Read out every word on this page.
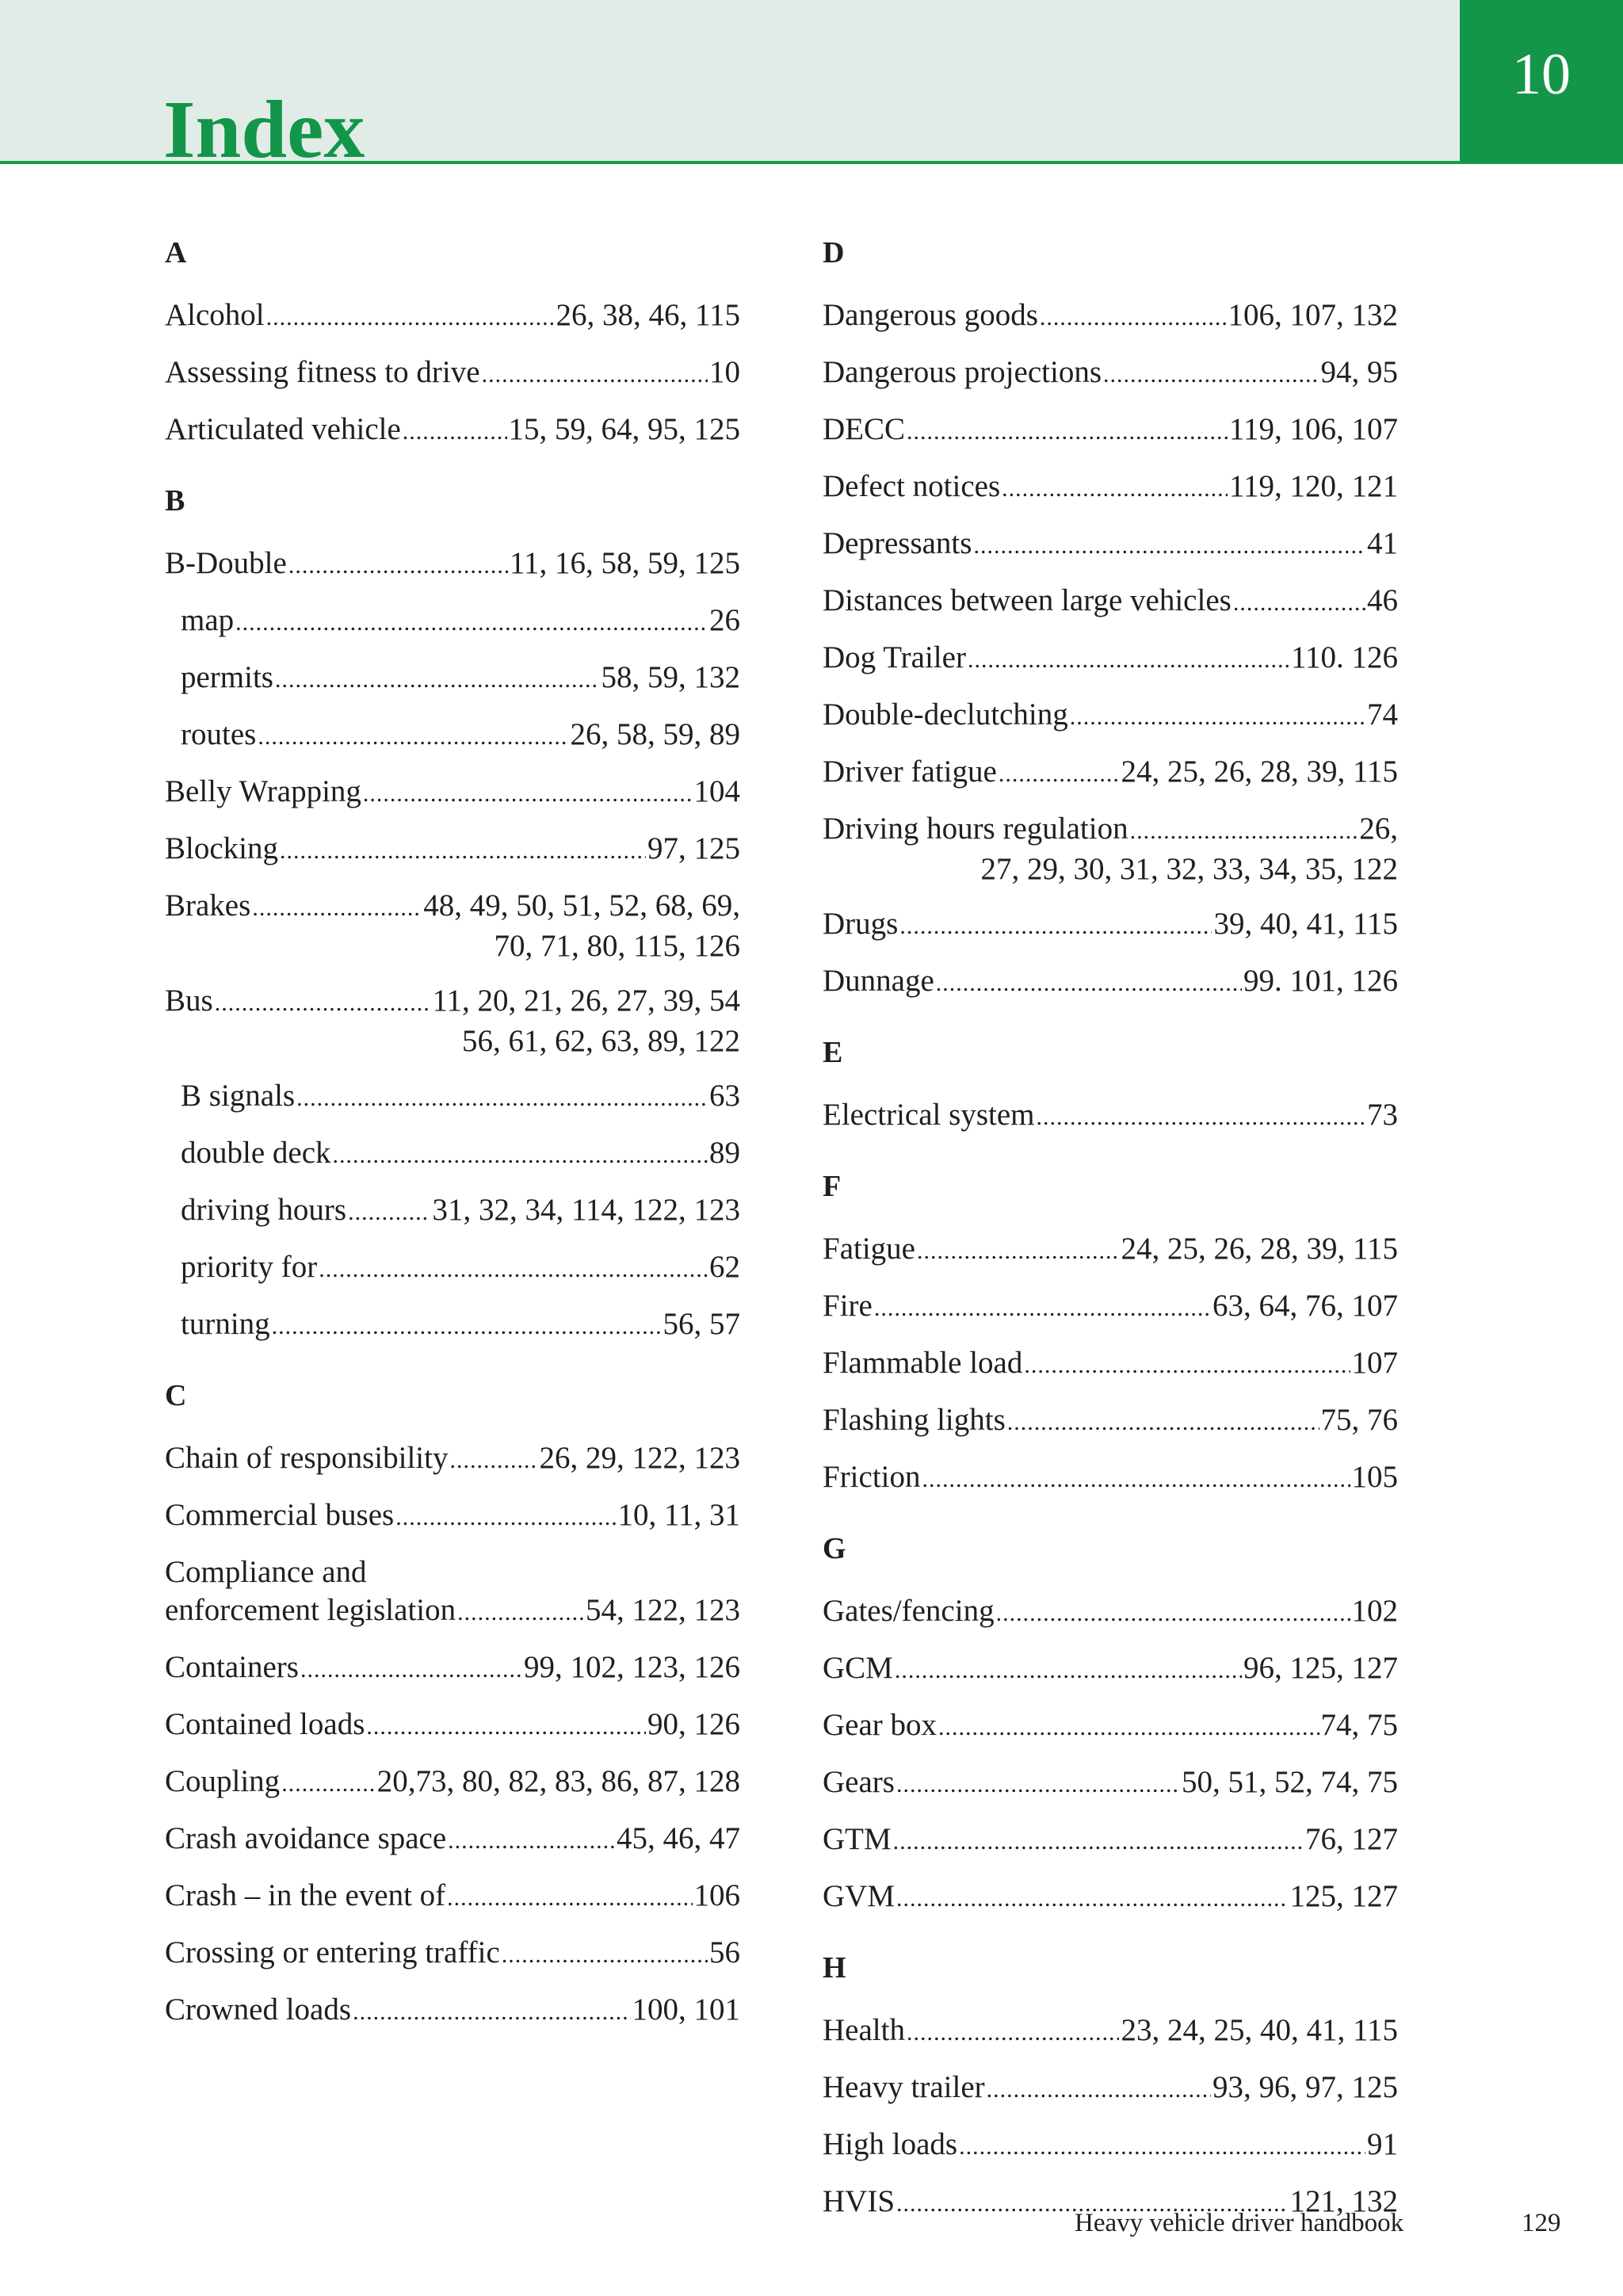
Index
10
A
Alcohol .....	26, 38, 46, 115
Assessing fitness to drive .....	10
Articulated vehicle .....	15, 59, 64, 95, 125
B
B-Double .....	11, 16, 58, 59, 125
map .....	26
permits .....	58, 59, 132
routes .....	26, 58, 59, 89
Belly Wrapping .....	104
Blocking .....	97, 125
Brakes .....	48, 49, 50, 51, 52, 68, 69,
70, 71, 80, 115, 126
Bus .....	11, 20, 21, 26, 27, 39, 54
56, 61, 62, 63, 89, 122
B signals .....	63
double deck .....	89
driving hours .....	31, 32, 34, 114, 122, 123
priority for .....	62
turning .....	56, 57
C
Chain of responsibility .....	26, 29, 122, 123
Commercial buses .....	10, 11, 31
Compliance and
enforcement legislation .....	54, 122, 123
Containers .....	99, 102, 123, 126
Contained loads .....	90, 126
Coupling .....	20,73, 80, 82, 83, 86, 87, 128
Crash avoidance space .....	45, 46, 47
Crash – in the event of .....	106
Crossing or entering traffic .....	56
Crowned loads .....	100, 101
D
Dangerous goods .....	106, 107, 132
Dangerous projections .....	94, 95
DECC .....	119, 106, 107
Defect notices .....	119, 120, 121
Depressants .....	41
Distances between large vehicles .....	46
Dog Trailer .....	110. 126
Double-declutching .....	74
Driver fatigue .....	24, 25, 26, 28, 39, 115
Driving hours regulation .....	26,
27, 29, 30, 31, 32, 33, 34, 35, 122
Drugs .....	39, 40, 41, 115
Dunnage .....	99. 101, 126
E
Electrical system .....	73
F
Fatigue .....	24, 25, 26, 28, 39, 115
Fire .....	63, 64, 76, 107
Flammable load .....	107
Flashing lights .....	75, 76
Friction .....	105
G
Gates/fencing .....	102
GCM .....	96, 125, 127
Gear box .....	74, 75
Gears .....	50, 51, 52, 74, 75
GTM .....	76, 127
GVM .....	125, 127
H
Health .....	23, 24, 25, 40, 41, 115
Heavy trailer .....	93, 96, 97, 125
High loads .....	91
HVIS .....	121, 132
Heavy vehicle driver handbook	129
